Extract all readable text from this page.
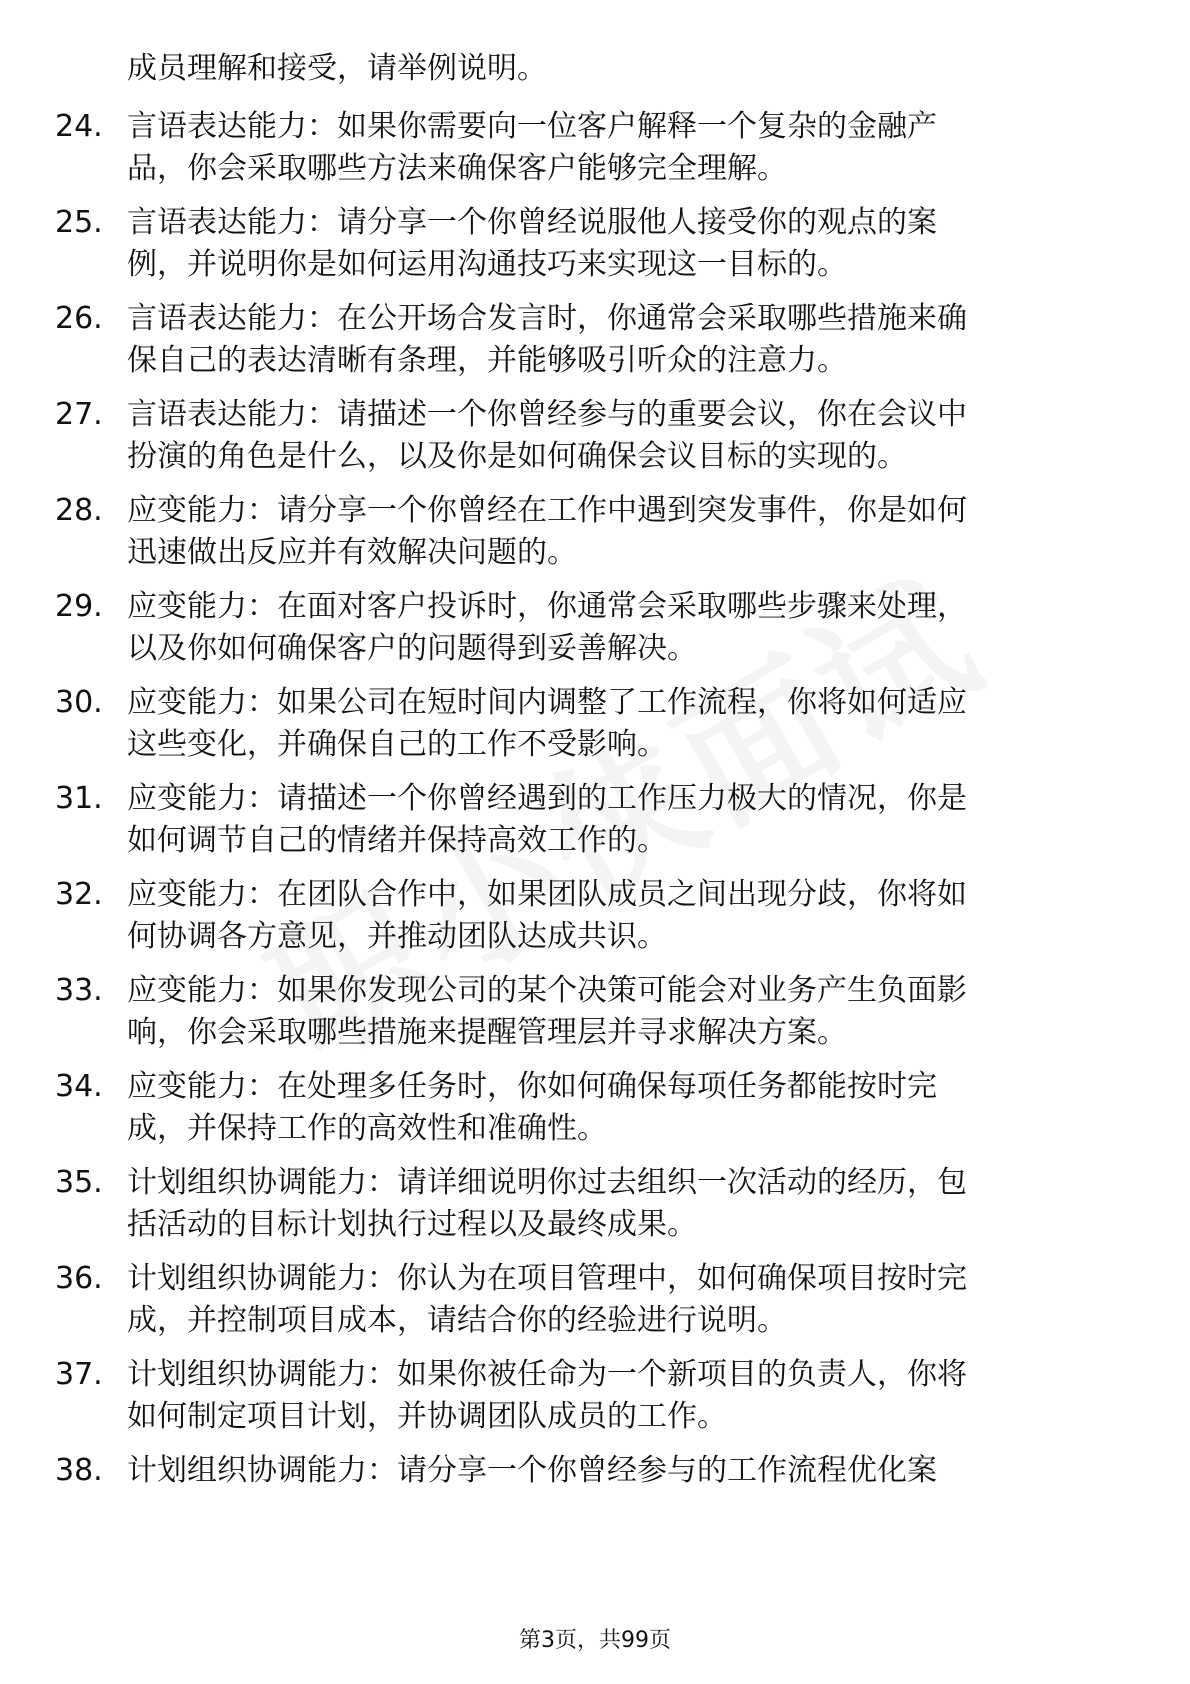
成员理解和接受，请举例说明。
24. 言语表达能力：如果你需要向一位客户解释一个复杂的金融产
品，你会采取哪些方法来确保客户能够完全理解。
25. 言语表达能力：请分享一个你曾经说服他人接受你的观点的案
例，并说明你是如何运用沟通技巧来实现这一目标的。
26. 言语表达能力：在公开场合发言时，你通常会采取哪些措施来确
保自己的表达清晰有条理，并能够吸引听众的注意力。
27. 言语表达能力：请描述一个你曾经参与的重要会议，你在会议中
扮演的角色是什么，以及你是如何确保会议目标的实现的。
28. 应变能力：请分享一个你曾经在工作中遇到突发事件，你是如何
迅速做出反应并有效解决问题的。
29. 应变能力：在面对客户投诉时，你通常会采取哪些步骤来处理，
以及你如何确保客户的问题得到妥善解决。
30. 应变能力：如果公司在短时间内调整了工作流程，你将如何适应
这些变化，并确保自己的工作不受影响。
31. 应变能力：请描述一个你曾经遇到的工作压力极大的情况，你是
如何调节自己的情绪并保持高效工作的。
32. 应变能力：在团队合作中，如果团队成员之间出现分歧，你将如
何协调各方意见，并推动团队达成共识。
33. 应变能力：如果你发现公司的某个决策可能会对业务产生负面影
响，你会采取哪些措施来提醒管理层并寻求解决方案。
34. 应变能力：在处理多任务时，你如何确保每项任务都能按时完
成，并保持工作的高效性和准确性。
35. 计划组织协调能力：请详细说明你过去组织一次活动的经历，包
括活动的目标计划执行过程以及最终成果。
36. 计划组织协调能力：你认为在项目管理中，如何确保项目按时完
成，并控制项目成本，请结合你的经验进行说明。
37. 计划组织协调能力：如果你被任命为一个新项目的负责人，你将
如何制定项目计划，并协调团队成员的工作。
38. 计划组织协调能力：请分享一个你曾经参与的工作流程优化案
第3页，共99页
